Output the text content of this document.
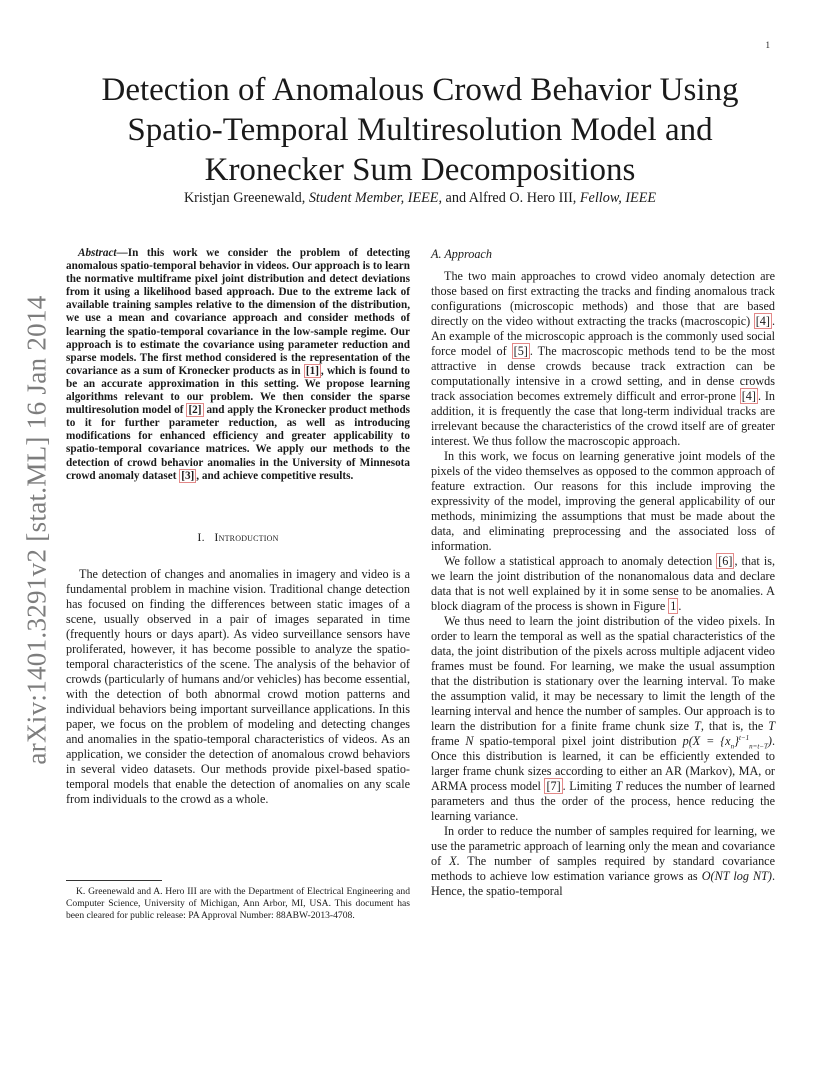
1
arXiv:1401.3291v2 [stat.ML] 16 Jan 2014
Detection of Anomalous Crowd Behavior Using Spatio-Temporal Multiresolution Model and Kronecker Sum Decompositions
Kristjan Greenewald, Student Member, IEEE, and Alfred O. Hero III, Fellow, IEEE

Abstract—In this work we consider the problem of detecting anomalous spatio-temporal behavior in videos. Our approach is to learn the normative multiframe pixel joint distribution and detect deviations from it using a likelihood based approach. Due to the extreme lack of available training samples relative to the dimension of the distribution, we use a mean and covariance approach and consider methods of learning the spatio-temporal covariance in the low-sample regime. Our approach is to estimate the covariance using parameter reduction and sparse models. The first method considered is the representation of the covariance as a sum of Kronecker products as in [1] , which is found to be an accurate approximation in this setting. We propose learning algorithms relevant to our problem. We then consider the sparse multiresolution model of [2] and apply the Kronecker product methods to it for further parameter reduction, as well as introducing modifications for enhanced efficiency and greater applicability to spatio-temporal covariance matrices. We apply our methods to the detection of crowd behavior anomalies in the University of Minnesota crowd anomaly dataset [3] , and achieve competitive results.

I. Introduction

The detection of changes and anomalies in imagery and video is a fundamental problem in machine vision. Traditional change detection has focused on finding the differences between static images of a scene, usually observed in a pair of images separated in time (frequently hours or days apart). As video surveillance sensors have proliferated, however, it has become possible to analyze the spatio-temporal characteristics of the scene. The analysis of the behavior of crowds (particularly of humans and/or vehicles) has become essential, with the detection of both abnormal crowd motion patterns and individual behaviors being important surveillance applications. In this paper, we focus on the problem of modeling and detecting changes and anomalies in the spatio-temporal characteristics of videos. As an application, we consider the detection of anomalous crowd behaviors in several video datasets. Our methods provide pixel-based spatio-temporal models that enable the detection of anomalies on any scale from individuals to the crowd as a whole.

K. Greenewald and A. Hero III are with the Department of Electrical Engineering and Computer Science, University of Michigan, Ann Arbor, MI, USA. This document has been cleared for public release: PA Approval Number: 88ABW-2013-4708.

A. Approach

The two main approaches to crowd video anomaly detection are those based on first extracting the tracks and finding anomalous track configurations (microscopic methods) and those that are based directly on the video without extracting the tracks (macroscopic) [4] . An example of the microscopic approach is the commonly used social force model of [5] . The macroscopic methods tend to be the most attractive in dense crowds because track extraction can be computationally intensive in a crowd setting, and in dense crowds track association becomes extremely difficult and error-prone [4] . In addition, it is frequently the case that long-term individual tracks are irrelevant because the characteristics of the crowd itself are of greater interest. We thus follow the macroscopic approach.

In this work, we focus on learning generative joint models of the pixels of the video themselves as opposed to the common approach of feature extraction. Our reasons for this include improving the expressivity of the model, improving the general applicability of our methods, minimizing the assumptions that must be made about the data, and eliminating preprocessing and the associated loss of information.

We follow a statistical approach to anomaly detection [6] , that is, we learn the joint distribution of the nonanomalous data and declare data that is not well explained by it in some sense to be anomalies. A block diagram of the process is shown in Figure 1 .

We thus need to learn the joint distribution of the video pixels. In order to learn the temporal as well as the spatial characteristics of the data, the joint distribution of the pixels across multiple adjacent video frames must be found. For learning, we make the usual assumption that the distribution is stationary over the learning interval. To make the assumption valid, it may be necessary to limit the length of the learning interval and hence the number of samples. Our approach is to learn the distribution for a finite frame chunk size T, that is, the T frame N spatio-temporal pixel joint distribution $p(X = \{x_n\}^{t-1}_{n=t-T})$. Once this distribution is learned, it can be efficiently extended to larger frame chunk sizes according to either an AR (Markov), MA, or ARMA process model [7] . Limiting T reduces the number of learned parameters and thus the order of the process, hence reducing the learning variance.

In order to reduce the number of samples required for learning, we use the parametric approach of learning only the mean and covariance of X. The number of samples required by standard covariance methods to achieve low estimation variance grows as O(NT log NT). Hence, the spatio-temporal
